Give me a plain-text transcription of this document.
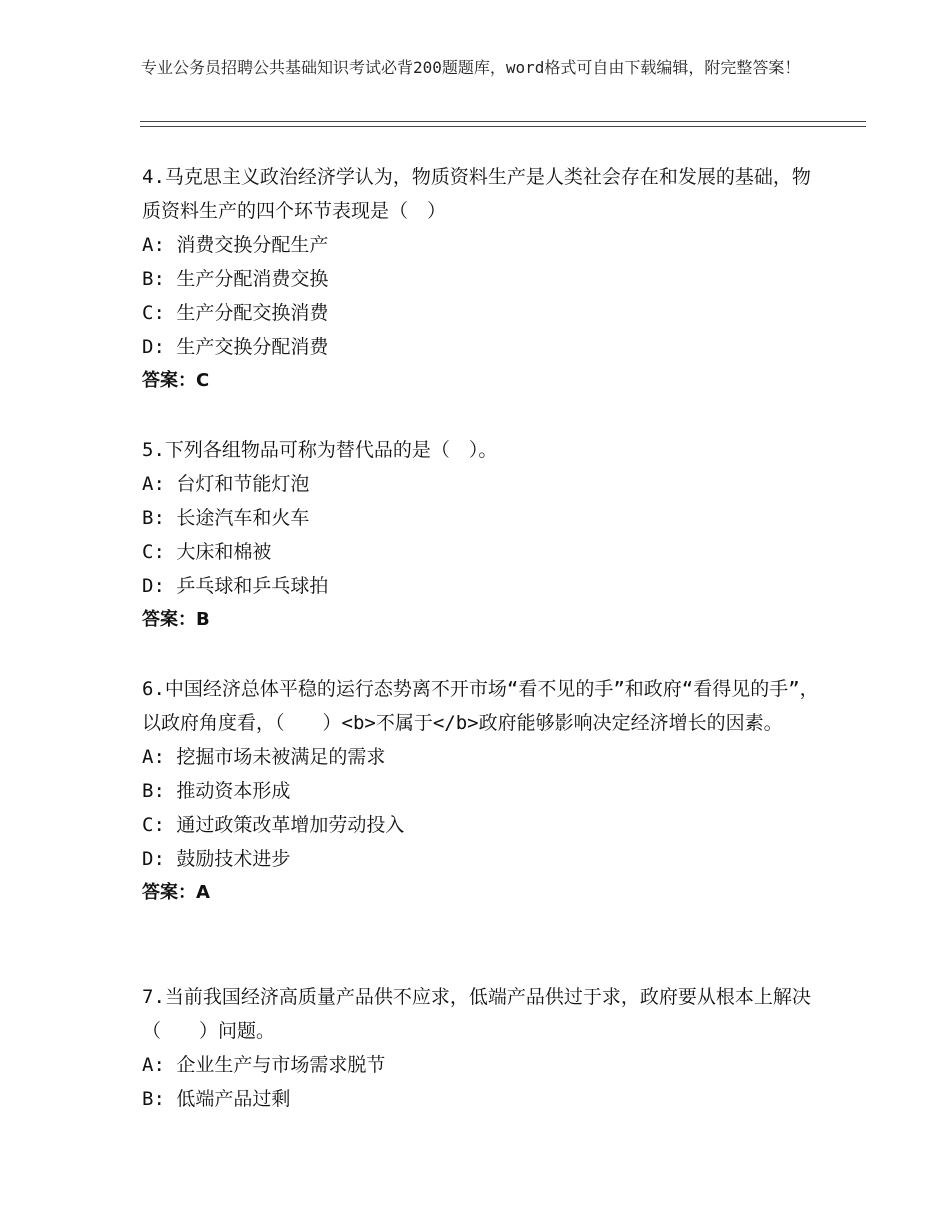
专业公务员招聘公共基础知识考试必背200题题库，word格式可自由下载编辑，附完整答案！

4.马克思主义政治经济学认为，物质资料生产是人类社会存在和发展的基础，物质资料生产的四个环节表现是（　）

A: 消费交换分配生产
B: 生产分配消费交换
C: 生产分配交换消费
D: 生产交换分配消费
答案：C

5.下列各组物品可称为替代品的是（　）。

A: 台灯和节能灯泡
B: 长途汽车和火车
C: 大床和棉被
D: 乒乓球和乒乓球拍
答案：B

6.中国经济总体平稳的运行态势离不开市场“看不见的手”和政府“看得见的手”，以政府角度看，（　　）<b>不属于</b>政府能够影响决定经济增长的因素。

A: 挖掘市场未被满足的需求
B: 推动资本形成
C: 通过政策改革增加劳动投入
D: 鼓励技术进步
答案：A

7.当前我国经济高质量产品供不应求，低端产品供过于求，政府要从根本上解决（　　）问题。

A: 企业生产与市场需求脱节
B: 低端产品过剩
